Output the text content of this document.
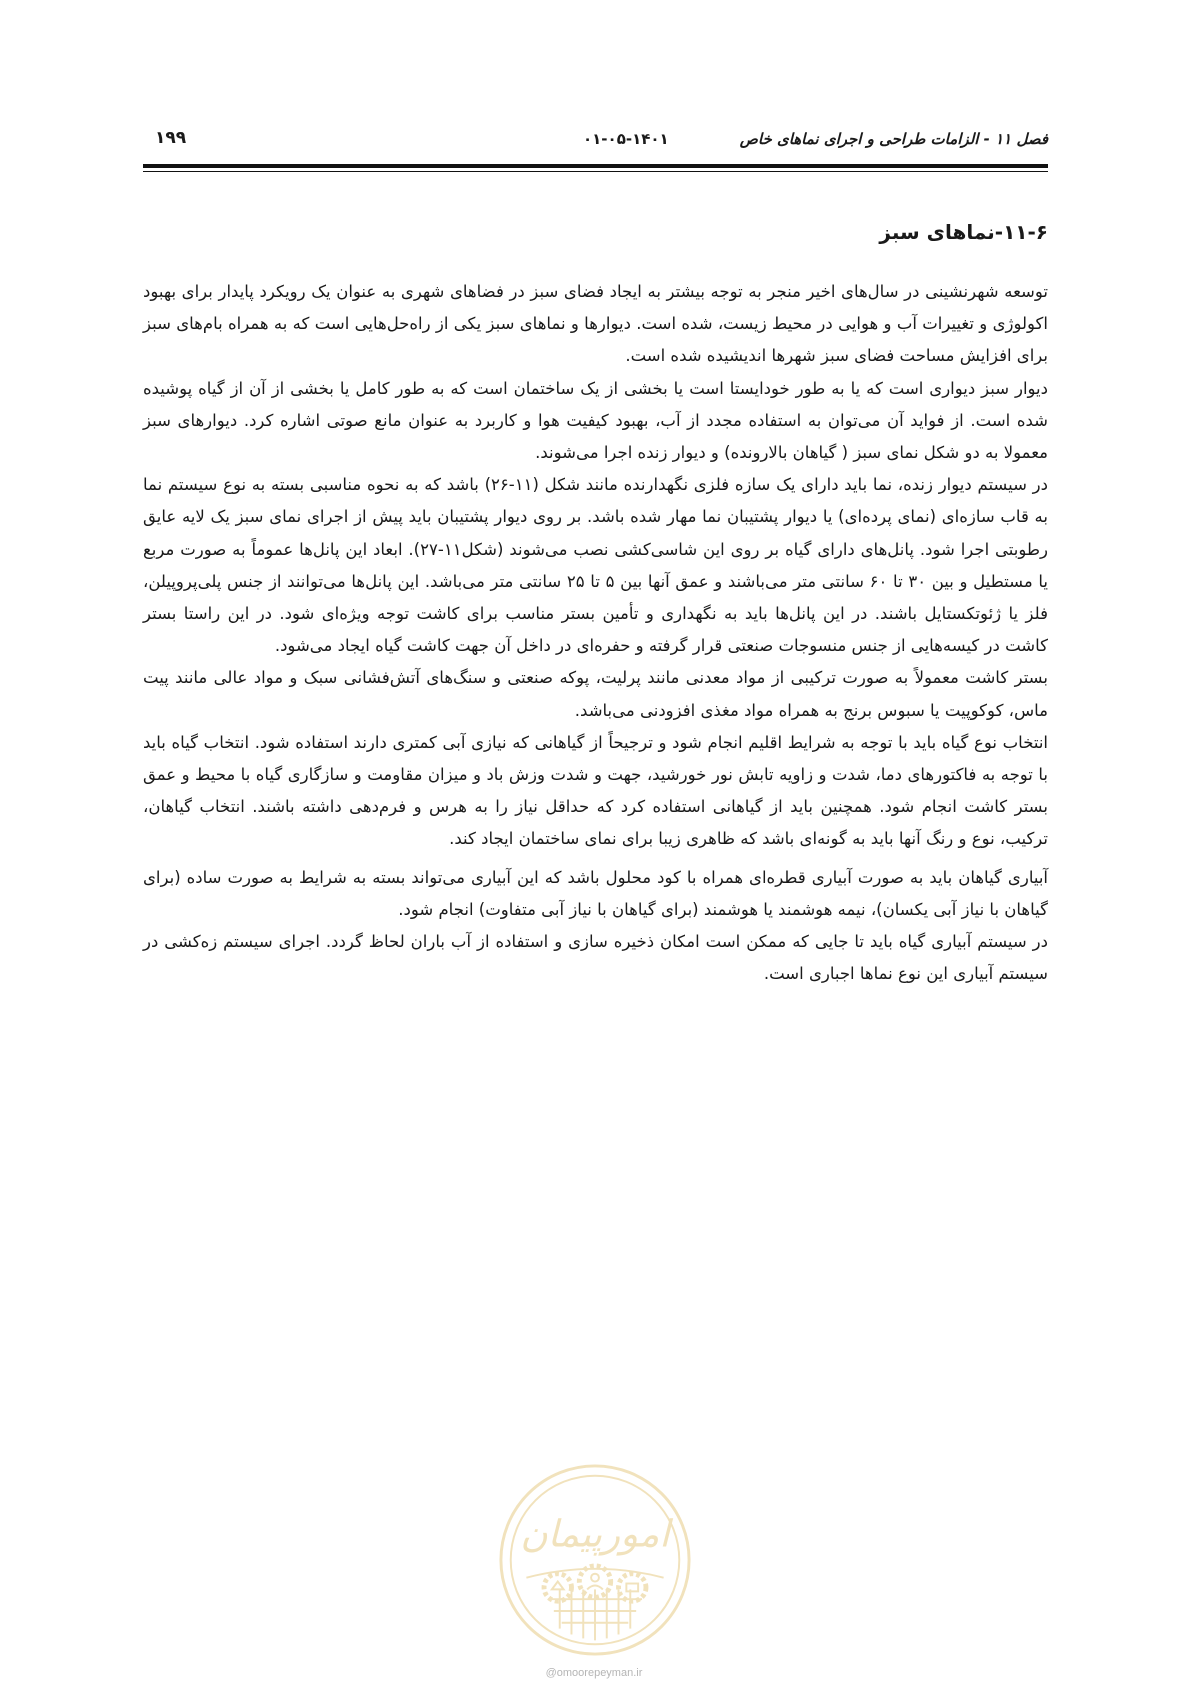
فصل ۱۱ - الزامات طراحی و اجرای نماهای خاص
۰۱-۰۵-۱۴۰۱
۱۹۹
۱۱-۶-نماهای سبز

توسعه شهرنشینی در سال‌های اخیر منجر به توجه بیشتر به ایجاد فضای سبز در فضاهای شهری به عنوان یک رویکرد پایدار برای بهبود اکولوژی و تغییرات آب و هوایی در محیط زیست، شده است. دیوارها و نماهای سبز یکی از راه‌حل‌هایی است که به همراه بام‌های سبز برای افزایش مساحت فضای سبز شهرها اندیشیده شده است.

دیوار سبز دیواری است که یا به طور خودایستا است یا بخشی از یک ساختمان است که به طور کامل یا بخشی از آن از گیاه پوشیده شده است. از فواید آن می‌توان به استفاده مجدد از آب، بهبود کیفیت هوا و کاربرد به عنوان مانع صوتی اشاره کرد. دیوارهای سبز معمولا به دو شکل نمای سبز ( گیاهان بالارونده) و دیوار زنده اجرا می‌شوند.

در سیستم دیوار زنده، نما باید دارای یک سازه فلزی نگهدارنده مانند شکل (۱۱-۲۶) باشد که به نحوه مناسبی بسته به نوع سیستم نما به قاب سازه‌ای (نمای پرده‌ای) یا دیوار پشتیبان نما مهار شده باشد. بر روی دیوار پشتیبان باید پیش از اجرای نمای سبز یک لایه عایق رطوبتی اجرا شود. پانل‌های دارای گیاه بر روی این شاسی‌کشی نصب می‌شوند (شکل۱۱-۲۷). ابعاد این پانل‌ها عموماً به صورت مربع یا مستطیل و بین ۳۰ تا ۶۰ سانتی متر می‌باشند و عمق آنها بین ۵ تا ۲۵ سانتی متر می‌باشد. این پانل‌ها می‌توانند از جنس پلی‌پروپیلن، فلز یا ژئوتکستایل باشند. در این پانل‌ها باید به نگهداری و تأمین بستر مناسب برای کاشت توجه ویژه‌ای شود. در این راستا بستر کاشت در کیسه‌هایی از جنس منسوجات صنعتی قرار گرفته و حفره‌ای در داخل آن جهت کاشت گیاه ایجاد می‌شود.

بستر کاشت معمولاً به صورت ترکیبی از مواد معدنی مانند پرلیت، پوکه صنعتی و سنگ‌های آتش‌فشانی سبک و مواد عالی مانند پیت ماس، کوکوپیت یا سبوس برنج به همراه مواد مغذی افزودنی می‌باشد.

انتخاب نوع گیاه باید با توجه به شرایط اقلیم انجام شود و ترجیحاً از گیاهانی که نیازی آبی کمتری دارند استفاده شود. انتخاب گیاه باید با توجه به فاکتورهای دما، شدت و زاویه تابش نور خورشید، جهت و شدت وزش باد و میزان مقاومت و سازگاری گیاه با محیط و عمق بستر کاشت انجام شود. همچنین باید از گیاهانی استفاده کرد که حداقل نیاز را به هرس و فرم‌دهی داشته باشند. انتخاب گیاهان، ترکیب، نوع و رنگ آنها باید به گونه‌ای باشد که ظاهری زیبا برای نمای ساختمان ایجاد کند.

آبیاری گیاهان باید به صورت آبیاری قطره‌ای همراه با کود محلول باشد که این آبیاری می‌تواند بسته به شرایط به صورت ساده (برای گیاهان با نیاز آبی یکسان)، نیمه هوشمند یا هوشمند (برای گیاهان با نیاز آبی متفاوت) انجام شود.

در سیستم آبیاری گیاه باید تا جایی که ممکن است امکان ذخیره سازی و استفاده از آب باران لحاظ گردد. اجرای سیستم زه‌کشی در سیستم آبیاری این نوع نماها اجباری است.

امورپیمان
@omoorepeyman.ir
